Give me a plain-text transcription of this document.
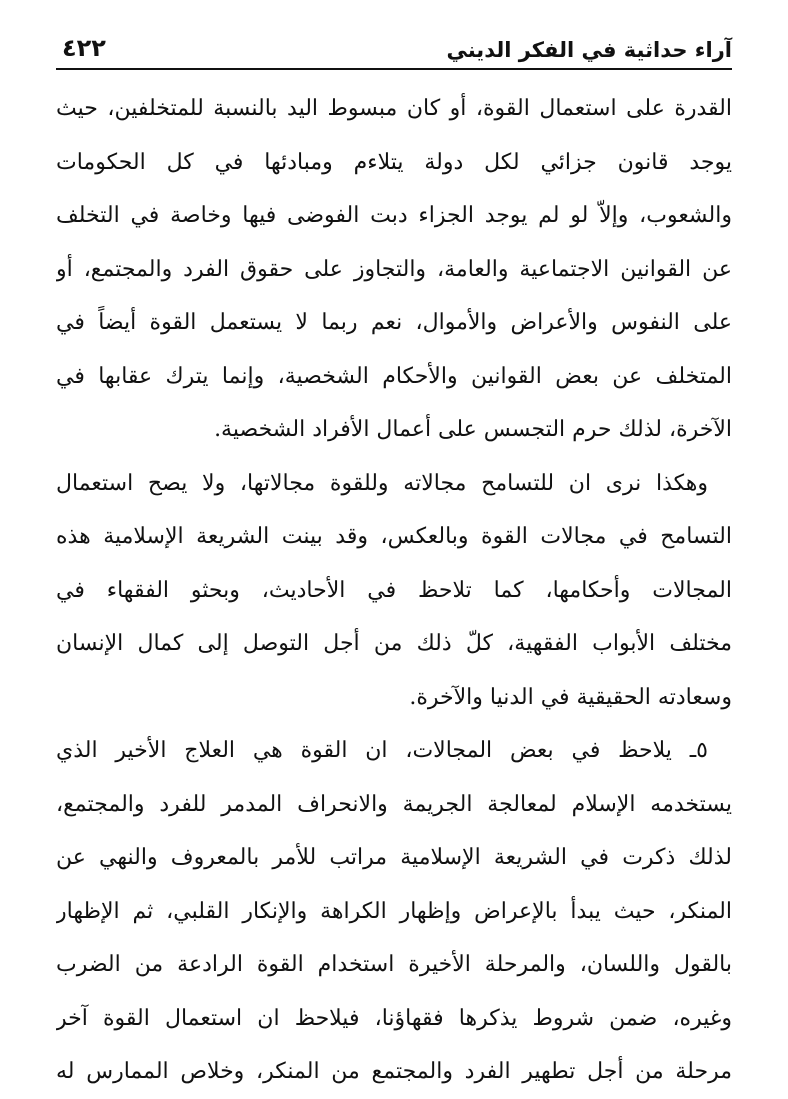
آراء حداثية في الفكر الديني
٤٢٢
القدرة على استعمال القوة، أو كان مبسوط اليد بالنسبة للمتخلفين، حيث
يوجد قانون جزائي لكل دولة يتلاءم ومبادئها في كل الحكومات
والشعوب، وإلاّ لو لم يوجد الجزاء دبت الفوضى فيها وخاصة في التخلف
عن القوانين الاجتماعية والعامة، والتجاوز على حقوق الفرد والمجتمع، أو
على النفوس والأعراض والأموال، نعم ربما لا يستعمل القوة أيضاً في
المتخلف عن بعض القوانين والأحكام الشخصية، وإنما يترك عقابها في
الآخرة، لذلك حرم التجسس على أعمال الأفراد الشخصية.
وهكذا نرى ان للتسامح مجالاته وللقوة مجالاتها، ولا يصح استعمال
التسامح في مجالات القوة وبالعكس، وقد بينت الشريعة الإسلامية هذه
المجالات وأحكامها، كما تلاحظ في الأحاديث، وبحثو الفقهاء في
مختلف الأبواب الفقهية، كلّ ذلك من أجل التوصل إلى كمال الإنسان
وسعادته الحقيقية في الدنيا والآخرة.
٥ـ يلاحظ في بعض المجالات، ان القوة هي العلاج الأخير الذي
يستخدمه الإسلام لمعالجة الجريمة والانحراف المدمر للفرد والمجتمع،
لذلك ذكرت في الشريعة الإسلامية مراتب للأمر بالمعروف والنهي عن
المنكر، حيث يبدأ بالإعراض وإظهار الكراهة والإنكار القلبي، ثم الإظهار
بالقول واللسان، والمرحلة الأخيرة استخدام القوة الرادعة من الضرب
وغيره، ضمن شروط يذكرها فقهاؤنا، فيلاحظ ان استعمال القوة آخر
مرحلة من أجل تطهير الفرد والمجتمع من المنكر، وخلاص الممارس له
